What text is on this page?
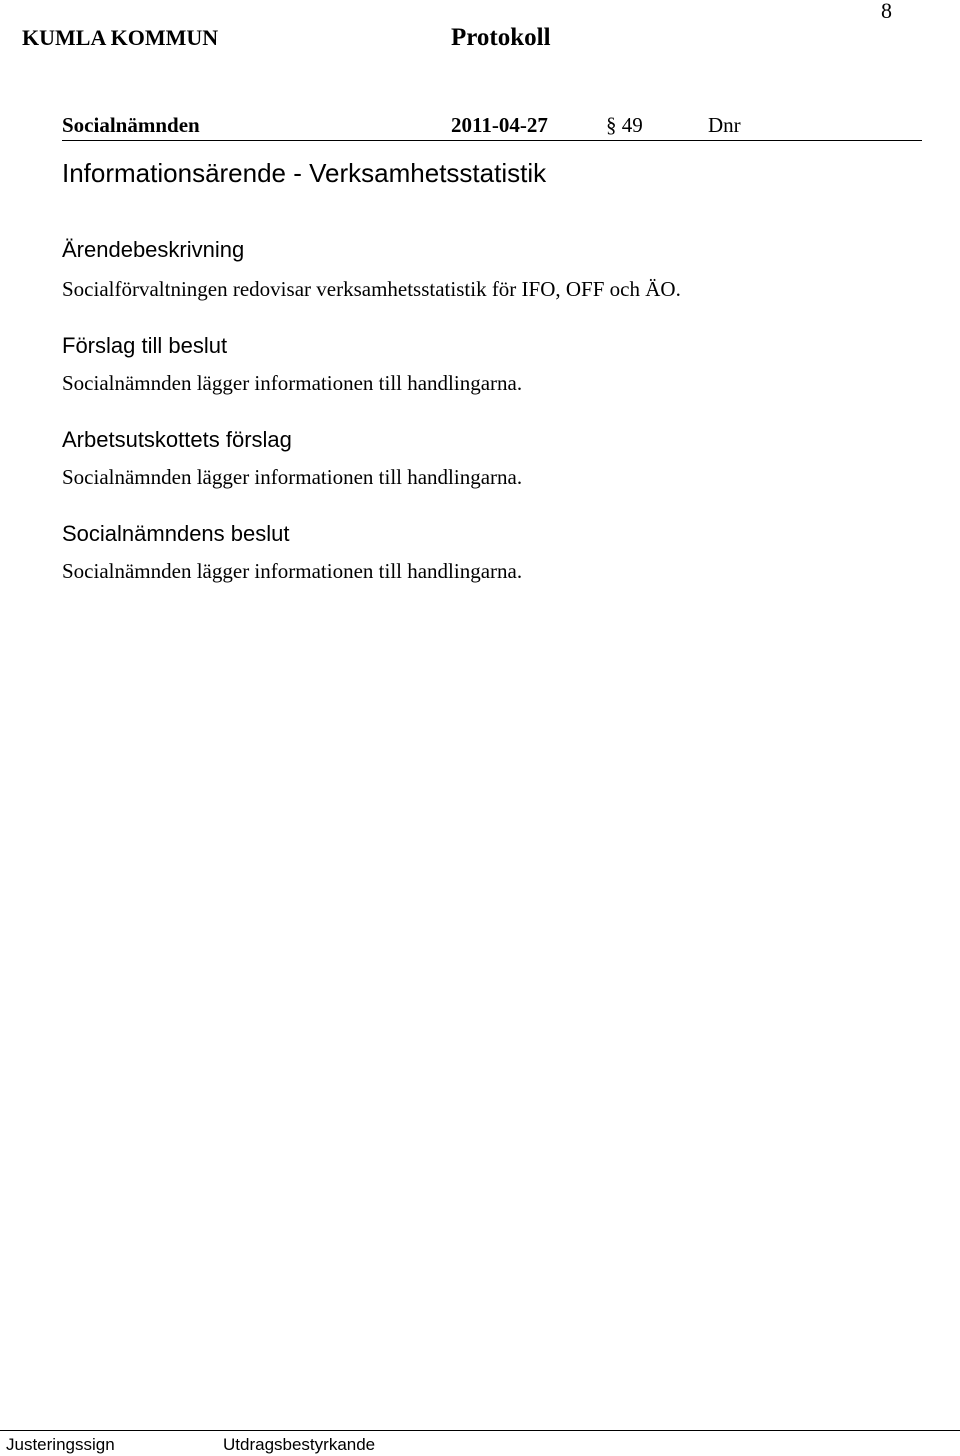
8
KUMLA KOMMUN	Protokoll
Socialnämnden	2011-04-27	§ 49	Dnr
Informationsärende - Verksamhetsstatistik
Ärendebeskrivning
Socialförvaltningen redovisar verksamhetsstatistik för IFO, OFF och ÄO.
Förslag till beslut
Socialnämnden lägger informationen till handlingarna.
Arbetsutskottets förslag
Socialnämnden lägger informationen till handlingarna.
Socialnämndens beslut
Socialnämnden lägger informationen till handlingarna.
Justeringssign	Utdragsbestyrkande
